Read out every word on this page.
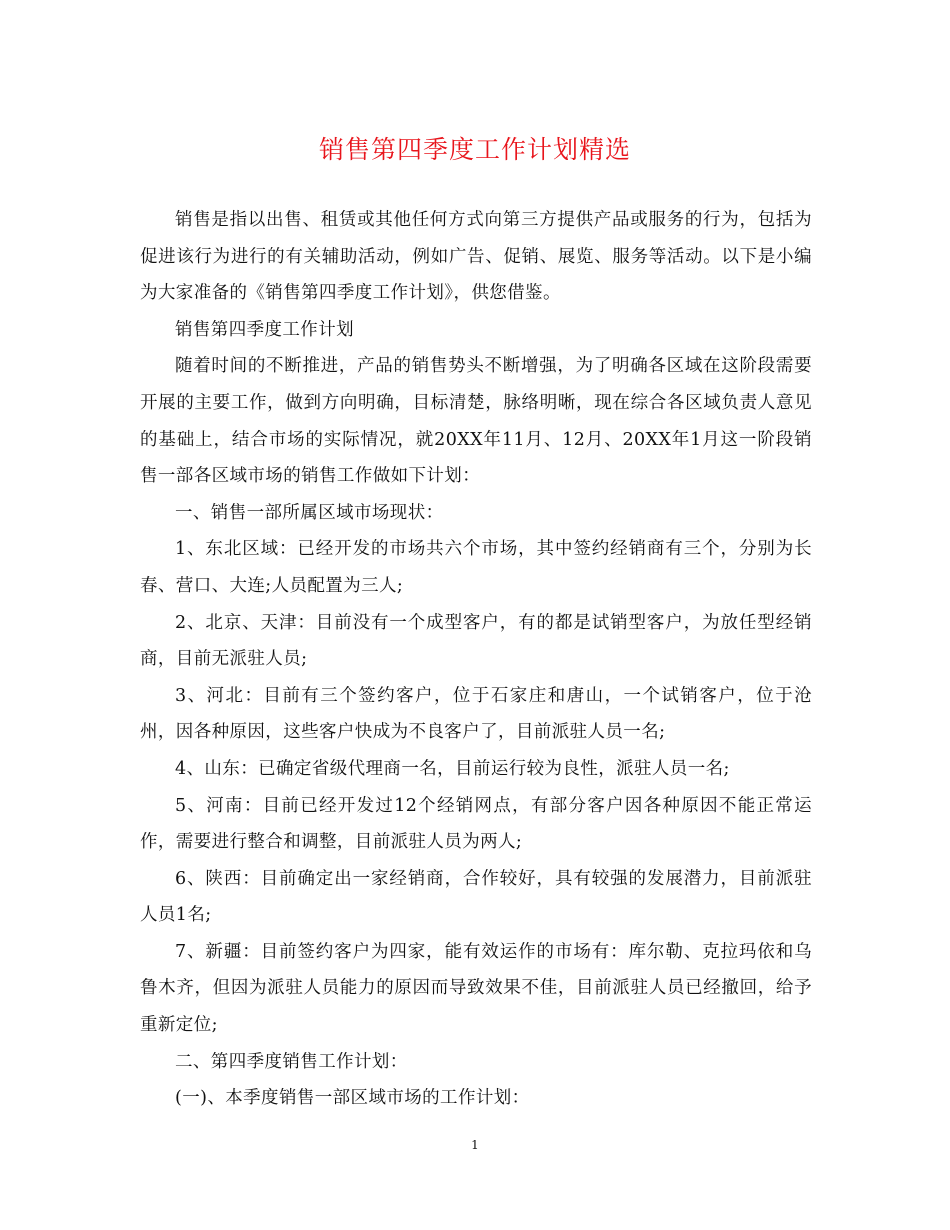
销售第四季度工作计划精选

销售是指以出售、租赁或其他任何方式向第三方提供产品或服务的行为，包括为促进该行为进行的有关辅助活动，例如广告、促销、展览、服务等活动。以下是小编为大家准备的《销售第四季度工作计划》，供您借鉴。

销售第四季度工作计划

随着时间的不断推进，产品的销售势头不断增强，为了明确各区域在这阶段需要开展的主要工作，做到方向明确，目标清楚，脉络明晰，现在综合各区域负责人意见的基础上，结合市场的实际情况，就20XX年11月、12月、20XX年1月这一阶段销售一部各区域市场的销售工作做如下计划：

一、销售一部所属区域市场现状：

1、东北区域：已经开发的市场共六个市场，其中签约经销商有三个，分别为长春、营口、大连;人员配置为三人;

2、北京、天津：目前没有一个成型客户，有的都是试销型客户，为放任型经销商，目前无派驻人员;

3、河北：目前有三个签约客户，位于石家庄和唐山，一个试销客户，位于沧州，因各种原因，这些客户快成为不良客户了，目前派驻人员一名;

4、山东：已确定省级代理商一名，目前运行较为良性，派驻人员一名;

5、河南：目前已经开发过12个经销网点，有部分客户因各种原因不能正常运作，需要进行整合和调整，目前派驻人员为两人;

6、陕西：目前确定出一家经销商，合作较好，具有较强的发展潜力，目前派驻人员1名;

7、新疆：目前签约客户为四家，能有效运作的市场有：库尔勒、克拉玛依和乌鲁木齐，但因为派驻人员能力的原因而导致效果不佳，目前派驻人员已经撤回，给予重新定位;

二、第四季度销售工作计划：

(一)、本季度销售一部区域市场的工作计划：

1
